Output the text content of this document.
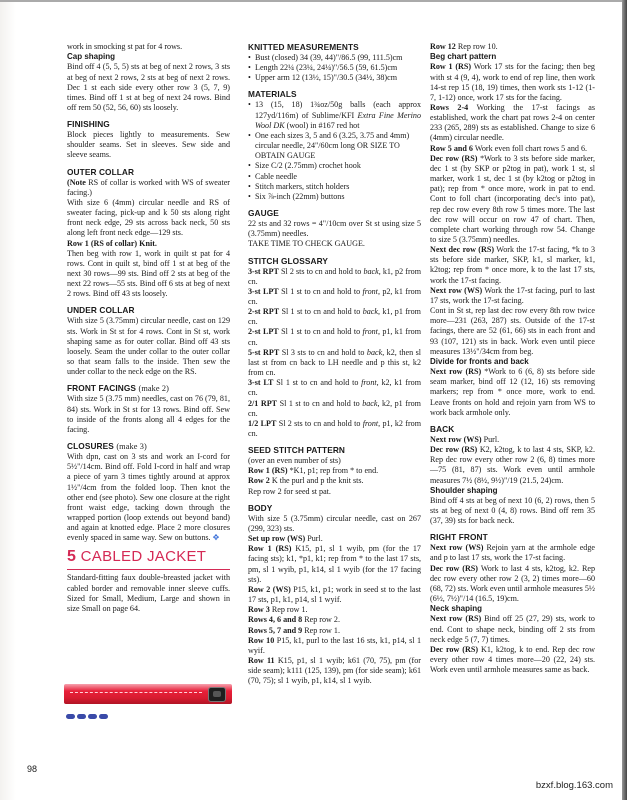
work in smocking st pat for 4 rows.

Cap shaping

Bind off 4 (5, 5, 5) sts at beg of next 2 rows, 3 sts at beg of next 2 rows, 2 sts at beg of next 2 rows. Dec 1 st each side every other row 3 (5, 7, 9) times. Bind off 1 st at beg of next 24 rows. Bind off rem 50 (52, 56, 60) sts loosely.

FINISHING

Block pieces lightly to measurements. Sew shoulder seams. Set in sleeves. Sew side and sleeve seams.

OUTER COLLAR

(Note RS of collar is worked with WS of sweater facing.)

With size 6 (4mm) circular needle and RS of sweater facing, pick-up and k 50 sts along right front neck edge, 29 sts across back neck, 50 sts along left front neck edge—129 sts.

Row 1 (RS of collar) Knit.

Then beg with row 1, work in quilt st pat for 4 rows. Cont in quilt st, bind off 1 st at beg of the next 30 rows—99 sts. Bind off 2 sts at beg of the next 22 rows—55 sts. Bind off 6 sts at beg of next 2 rows. Bind off 43 sts loosely.

UNDER COLLAR

With size 5 (3.75mm) circular needle, cast on 129 sts. Work in St st for 4 rows. Cont in St st, work shaping same as for outer collar. Bind off 43 sts loosely. Seam the under collar to the outer collar so that seam falls to the inside. Then sew the under collar to the neck edge on the RS.

FRONT FACINGS (make 2)

With size 5 (3.75 mm) needles, cast on 76 (79, 81, 84) sts. Work in St st for 13 rows. Bind off. Sew to inside of the fronts along all 4 edges for the facing.

CLOSURES (make 3)

With dpn, cast on 3 sts and work an I-cord for 5½"/14cm. Bind off. Fold I-cord in half and wrap a piece of yarn 3 times tightly around at approx 1½"/4cm from the folded loop. Then knot the other end (see photo). Sew one closure at the right front waist edge, tacking down through the wrapped portion (loop extends out beyond band) and again at knotted edge. Place 2 more closures evenly spaced in same way. Sew on buttons. ✥

5 CABLED JACKET

Standard-fitting faux double-breasted jacket with cabled border and removable inner sleeve cuffs. Sized for Small, Medium, Large and shown in size Small on page 64.

KNITTED MEASUREMENTS
• Bust (closed) 34 (39, 44)"/86.5 (99, 111.5)cm
• Length 22¼ (23¼, 24¼)"/56.5 (59, 61.5)cm
• Upper arm 12 (13½, 15)"/30.5 (34½, 38)cm
MATERIALS
• 13 (15, 18) 1¾oz/50g balls (each approx 127yd/116m) of Sublime/KFI Extra Fine Merino Wool DK (wool) in #167 red hot
• One each sizes 3, 5 and 6 (3.25, 3.75 and 4mm) circular needle, 24"/60cm long OR SIZE TO OBTAIN GAUGE
• Size C/2 (2.75mm) crochet hook
• Cable needle
• Stitch markers, stitch holders
• Six ⅞-inch (22mm) buttons
GAUGE

22 sts and 32 rows = 4"/10cm over St st using size 5 (3.75mm) needles.

TAKE TIME TO CHECK GAUGE.

STITCH GLOSSARY

3-st RPT Sl 2 sts to cn and hold to back, k1, p2 from cn.

3-st LPT Sl 1 st to cn and hold to front, p2, k1 from cn.

2-st RPT Sl 1 st to cn and hold to back, k1, p1 from cn.

2-st LPT Sl 1 st to cn and hold to front, p1, k1 from cn.

5-st RPT Sl 3 sts to cn and hold to back, k2, then sl last st from cn back to LH needle and p this st, k2 from cn.

3-st LT Sl 1 st to cn and hold to front, k2, k1 from cn.

2/1 RPT Sl 1 st to cn and hold to back, k2, p1 from cn.

1/2 LPT Sl 2 sts to cn and hold to front, p1, k2 from cn.

SEED STITCH PATTERN

(over an even number of sts)

Row 1 (RS) *K1, p1; rep from * to end.

Row 2 K the purl and p the knit sts.

Rep row 2 for seed st pat.

BODY

With size 5 (3.75mm) circular needle, cast on 267 (299, 323) sts.

Set up row (WS) Purl.

Row 1 (RS) K15, p1, sl 1 wyib, pm (for the 17 facing sts); k1, *p1, k1; rep from * to the last 17 sts, pm, sl 1 wyib, p1, k14, sl 1 wyib (for the 17 facing sts).

Row 2 (WS) P15, k1, p1; work in seed st to the last 17 sts, p1, k1, p14, sl 1 wyif.

Row 3 Rep row 1.

Rows 4, 6 and 8 Rep row 2.

Rows 5, 7 and 9 Rep row 1.

Row 10 P15, k1, purl to the last 16 sts, k1, p14, sl 1 wyif.

Row 11 K15, p1, sl 1 wyib; k61 (70, 75), pm (for side seam); k111 (125, 139), pm (for side seam); k61 (70, 75); sl 1 wyib, p1, k14, sl 1 wyib.

Row 12 Rep row 10.

Beg chart pattern

Row 1 (RS) Work 17 sts for the facing; then beg with st 4 (9, 4), work to end of rep line, then work 14-st rep 15 (18, 19) times, then work sts 1-12 (1-7, 1-12) once, work 17 sts for the facing.

Rows 2-4 Working the 17-st facings as established, work the chart pat rows 2-4 on center 233 (265, 289) sts as established. Change to size 6 (4mm) circular needle.

Row 5 and 6 Work even foll chart rows 5 and 6.

Dec row (RS) *Work to 3 sts before side marker, dec 1 st (by SKP or p2tog in pat), work 1 st, sl marker, work 1 st, dec 1 st (by k2tog or p2tog in pat); rep from * once more, work in pat to end. Cont to foll chart (incorporating dec's into pat), rep dec row every 8th row 5 times more. The last dec row will occur on row 47 of chart. Then, complete chart working through row 54. Change to size 5 (3.75mm) needles.

Next dec row (RS) Work the 17-st facing, *k to 3 sts before side marker, SKP, k1, sl marker, k1, k2tog; rep from * once more, k to the last 17 sts, work the 17-st facing.

Next row (WS) Work the 17-st facing, purl to last 17 sts, work the 17-st facing.

Cont in St st, rep last dec row every 8th row twice more—231 (263, 287) sts. Outside of the 17-st facings, there are 52 (61, 66) sts in each front and 93 (107, 121) sts in back. Work even until piece measures 13½"/34cm from beg.

Divide for fronts and back

Next row (RS) *Work to 6 (6, 8) sts before side seam marker, bind off 12 (12, 16) sts removing markers; rep from * once more, work to end. Leave fronts on hold and rejoin yarn from WS to work back armhole only.

BACK

Next row (WS) Purl.

Dec row (RS) K2, k2tog, k to last 4 sts, SKP, k2. Rep dec row every other row 2 (6, 8) times more—75 (81, 87) sts. Work even until armhole measures 7½ (8½, 9½)"/19 (21.5, 24)cm.

Shoulder shaping

Bind off 4 sts at beg of next 10 (6, 2) rows, then 5 sts at beg of next 0 (4, 8) rows. Bind off rem 35 (37, 39) sts for back neck.

RIGHT FRONT

Next row (WS) Rejoin yarn at the armhole edge and p to last 17 sts, work the 17-st facing.

Dec row (RS) Work to last 4 sts, k2tog, k2. Rep dec row every other row 2 (3, 2) times more—60 (68, 72) sts. Work even until armhole measures 5½ (6½, 7½)"/14 (16.5, 19)cm.

Neck shaping

Next row (RS) Bind off 25 (27, 29) sts, work to end. Cont to shape neck, binding off 2 sts from neck edge 5 (7, 7) times.

Dec row (RS) K1, k2tog, k to end. Rep dec row every other row 4 times more—20 (22, 24) sts. Work even until armhole measures same as back.

98
bzxf.blog.163.com
